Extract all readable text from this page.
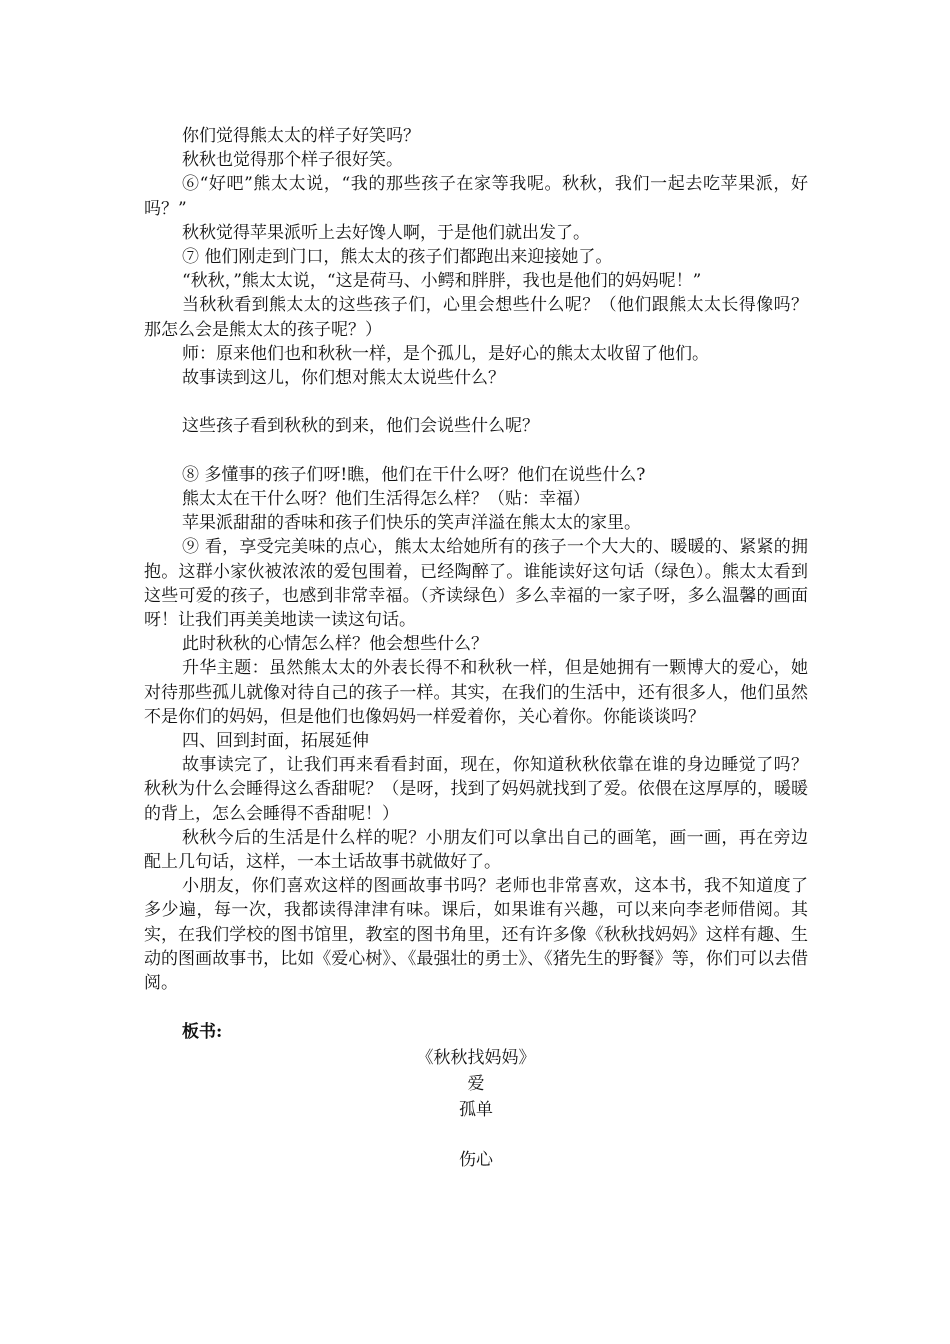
你们觉得熊太太的样子好笑吗？

秋秋也觉得那个样子很好笑。

⑥“好吧”熊太太说，“我的那些孩子在家等我呢。秋秋，我们一起去吃苹果派，好吗？”

秋秋觉得苹果派听上去好馋人啊，于是他们就出发了。

⑦ 他们刚走到门口，熊太太的孩子们都跑出来迎接她了。

“秋秋，”熊太太说，“这是荷马、小鳄和胖胖，我也是他们的妈妈呢！”

当秋秋看到熊太太的这些孩子们，心里会想些什么呢？（他们跟熊太太长得像吗？那怎么会是熊太太的孩子呢？）

师：原来他们也和秋秋一样，是个孤儿，是好心的熊太太收留了他们。

故事读到这儿，你们想对熊太太说些什么？

这些孩子看到秋秋的到来，他们会说些什么呢？

⑧ 多懂事的孩子们呀!瞧，他们在干什么呀？他们在说些什么?

熊太太在干什么呀？他们生活得怎么样？（贴：幸福）

苹果派甜甜的香味和孩子们快乐的笑声洋溢在熊太太的家里。

⑨ 看，享受完美味的点心，熊太太给她所有的孩子一个大大的、暖暖的、紧紧的拥抱。这群小家伙被浓浓的爱包围着，已经陶醉了。谁能读好这句话（绿色）。熊太太看到这些可爱的孩子，也感到非常幸福。（齐读绿色）多么幸福的一家子呀，多么温馨的画面呀！让我们再美美地读一读这句话。

此时秋秋的心情怎么样？他会想些什么？

升华主题：虽然熊太太的外表长得不和秋秋一样，但是她拥有一颗博大的爱心，她对待那些孤儿就像对待自己的孩子一样。其实，在我们的生活中，还有很多人，他们虽然不是你们的妈妈，但是他们也像妈妈一样爱着你，关心着你。你能谈谈吗？

四、回到封面，拓展延伸

故事读完了，让我们再来看看封面，现在，你知道秋秋依靠在谁的身边睡觉了吗？秋秋为什么会睡得这么香甜呢？（是呀，找到了妈妈就找到了爱。依偎在这厚厚的，暖暖的背上，怎么会睡得不香甜呢！）

秋秋今后的生活是什么样的呢？小朋友们可以拿出自己的画笔，画一画，再在旁边配上几句话，这样，一本土话故事书就做好了。

小朋友，你们喜欢这样的图画故事书吗？老师也非常喜欢，这本书，我不知道度了多少遍，每一次，我都读得津津有味。课后，如果谁有兴趣，可以来向李老师借阅。其实，在我们学校的图书馆里，教室的图书角里，还有许多像《秋秋找妈妈》这样有趣、生动的图画故事书，比如《爱心树》、《最强壮的勇士》、《猪先生的野餐》等，你们可以去借阅。

板书:
《秋秋找妈妈》
爱
孤单
伤心
